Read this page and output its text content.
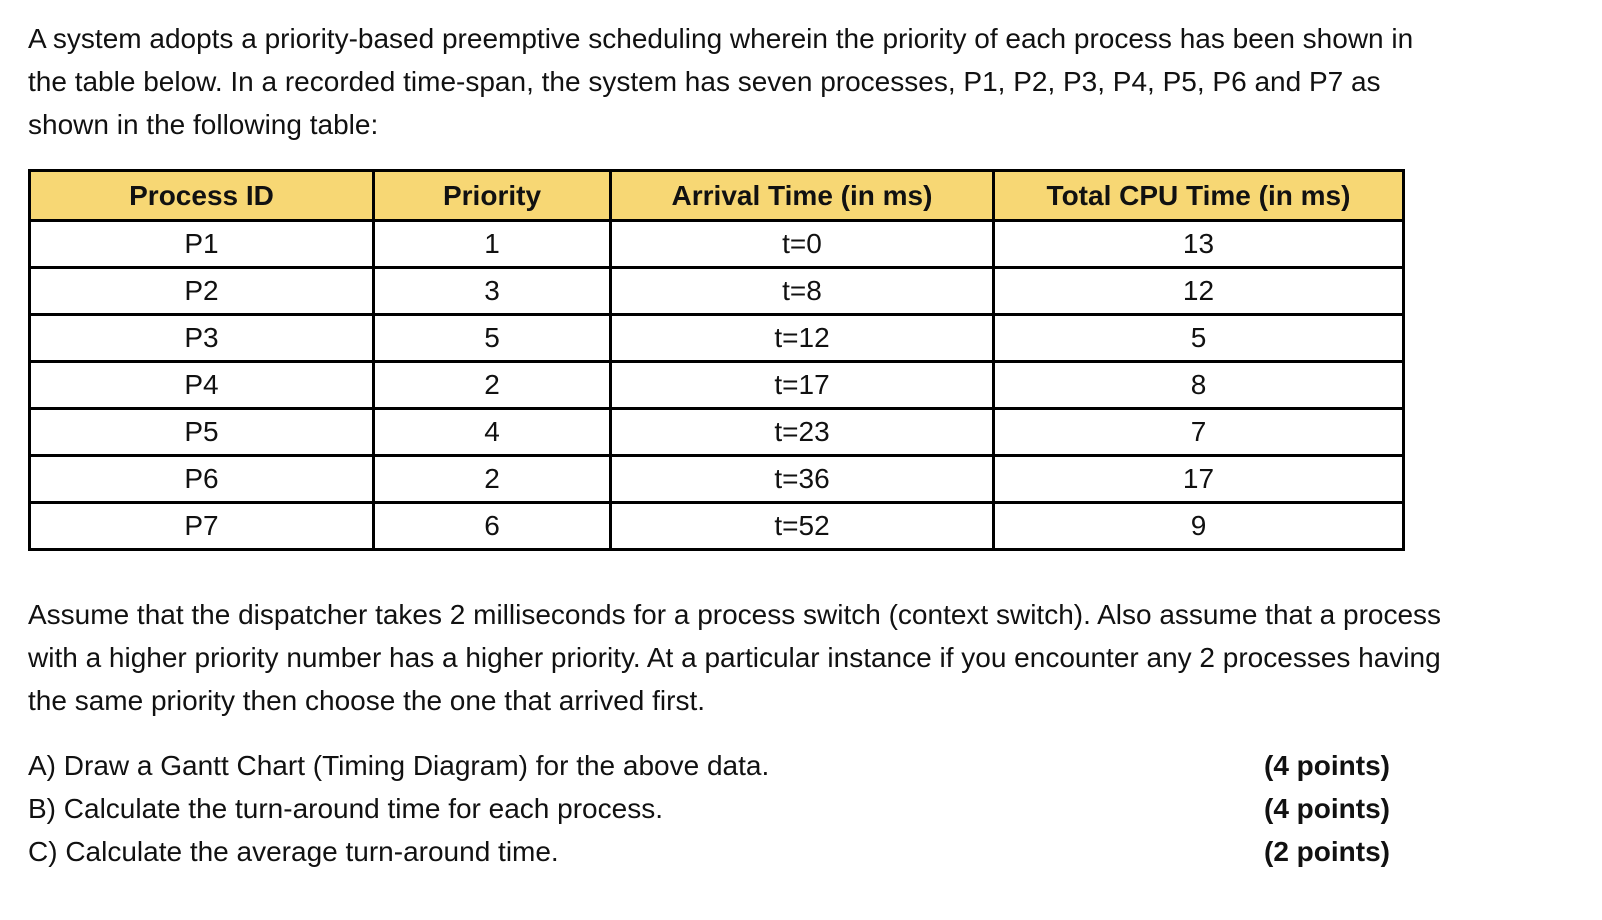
A system adopts a priority-based preemptive scheduling wherein the priority of each process has been shown in the table below. In a recorded time-span, the system has seven processes, P1, P2, P3, P4, P5, P6 and P7 as shown in the following table:

Process ID	Priority	Arrival Time (in ms)	Total CPU Time (in ms)
P1	1	t=0	13
P2	3	t=8	12
P3	5	t=12	5
P4	2	t=17	8
P5	4	t=23	7
P6	2	t=36	17
P7	6	t=52	9

Assume that the dispatcher takes 2 milliseconds for a process switch (context switch). Also assume that a process with a higher priority number has a higher priority. At a particular instance if you encounter any 2 processes having the same priority then choose the one that arrived first.

A) Draw a Gantt Chart (Timing Diagram) for the above data.	(4 points)
B) Calculate the turn-around time for each process.	(4 points)
C) Calculate the average turn-around time.	(2 points)
